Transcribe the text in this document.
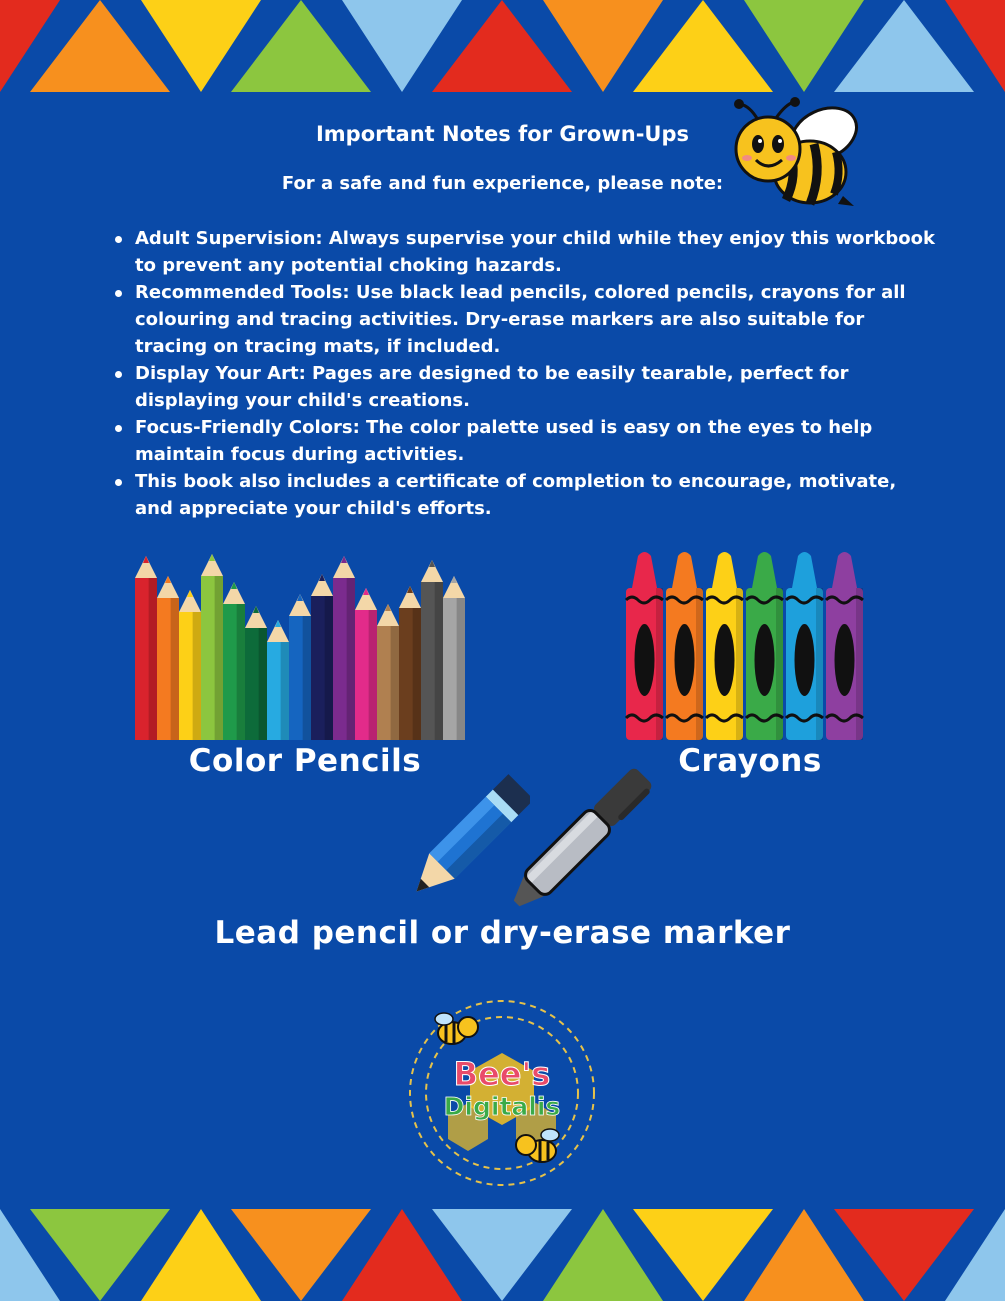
Important Notes for Grown-Ups
For a safe and fun experience, please note:
Adult Supervision: Always supervise your child while they enjoy this workbook to prevent any potential choking hazards.
Recommended Tools: Use black lead pencils, colored pencils, crayons for all colouring and tracing activities. Dry-erase markers are also suitable for tracing on tracing mats, if included.
Display Your Art: Pages are designed to be easily tearable, perfect for displaying your child's creations.
Focus-Friendly Colors: The color palette used is easy on the eyes to help maintain focus during activities.
This book also includes a certificate of completion to encourage, motivate, and appreciate your child's efforts.
Color Pencils	Crayons
Lead pencil or dry-erase marker
Bee's
Digitalis
